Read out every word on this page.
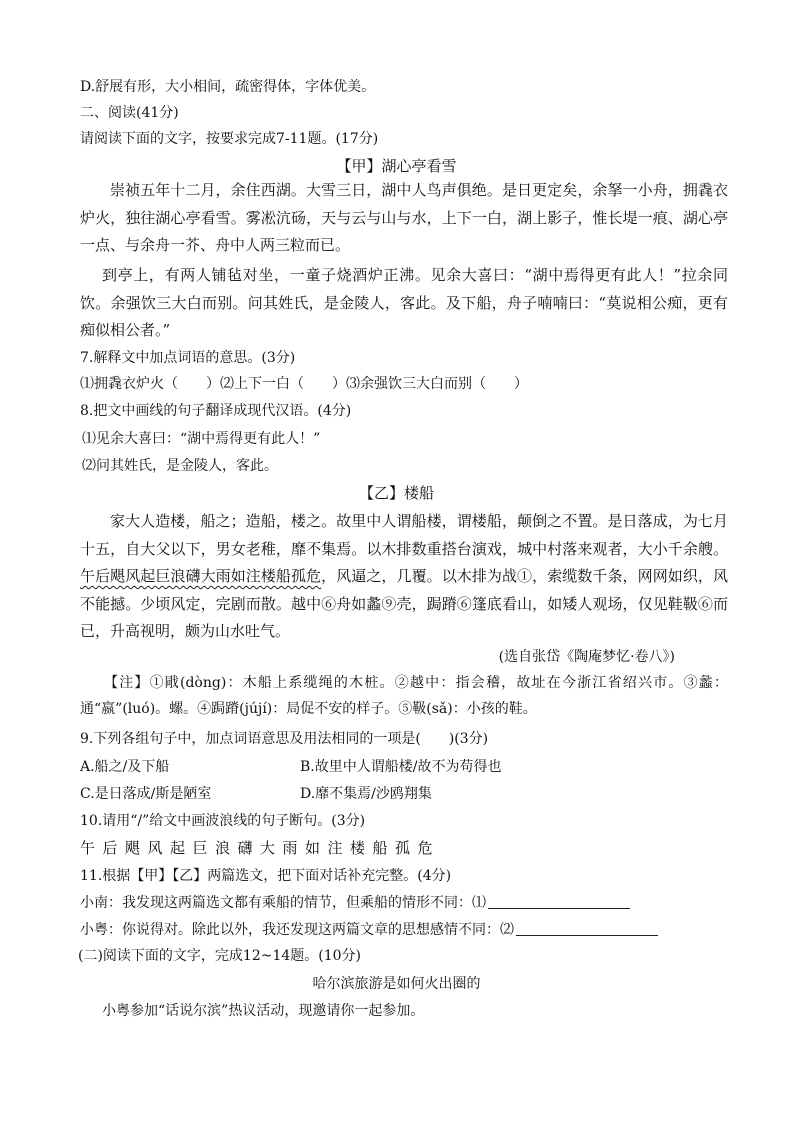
D.舒展有形，大小相间，疏密得体，字体优美。
二、阅读(41分)
请阅读下面的文字，按要求完成7-11题。(17分)
【甲】湖心亭看雪
崇祯五年十二月，余住西湖。大雪三日，湖中人鸟声俱绝。是日更定矣，余拏一小舟，拥毳衣炉火，独往湖心亭看雪。雾凇沆砀，天与云与山与水，上下一白，湖上影子，惟长堤一痕、湖心亭一点、与余舟一芥、舟中人两三粒而已。
到亭上，有两人铺毡对坐，一童子烧酒炉正沸。见余大喜曰：“湖中焉得更有此人！”拉余同饮。余强饮三大白而别。问其姓氏，是金陵人，客此。及下船，舟子喃喃曰：“莫说相公痴，更有痴似相公者。”
7.解释文中加点词语的意思。(3分)
⑴拥毳衣炉火（　　）⑵上下一白（　　）⑶余强饮三大白而别（　　）
8.把文中画线的句子翻译成现代汉语。(4分)
⑴见余大喜曰：“湖中焉得更有此人！”
⑵问其姓氏，是金陵人，客此。
【乙】楼船
家大人造楼，船之；造船，楼之。故里中人谓船楼，谓楼船，颠倒之不置。是日落成，为七月十五，自大父以下，男女老稚，靡不集焉。以木排数重搭台演戏，城中村落来观者，大小千余艘。午后飓风起巨浪礴大雨如注楼船孤危，风逼之，几覆。以木排为战①，索缆数千条，网网如织，风不能撼。少顷风定，完剧而散。越中⑥舟如蠡⑨壳，跼蹐⑥篷底看山，如矮人观场，仅见鞋靸⑥而已，升高视明，颇为山水吐气。
(选自张岱《陶庵梦忆·卷八》)
【注】①戙(dòng)：木船上系缆绳的木桩。②越中：指会稽，故址在今浙江省绍兴市。③蠡：通“嬴”(luó)。螺。④跼蹐(jújí)：局促不安的样子。⑤靸(sǎ)：小孩的鞋。
9.下列各组句子中，加点词语意思及用法相同的一项是(　　)(3分)
A.船之/及下船	B.故里中人谓船楼/故不为苟得也
C.是日落成/斯是陋室	D.靡不集焉/沙鸥翔集
10.请用“/”给文中画波浪线的句子断句。(3分)
午后飓风起巨浪礴大雨如注楼船孤危
11.根据【甲】【乙】两篇选文，把下面对话补充完整。(4分)
小南：我发现这两篇选文都有乘船的情节，但乘船的情形不同：⑴
小粤：你说得对。除此以外，我还发现这两篇文章的思想感情不同：⑵
(二)阅读下面的文字，完成12~14题。(10分)
哈尔滨旅游是如何火出圈的
小粤参加“话说尔滨”热议活动，现邀请你一起参加。
